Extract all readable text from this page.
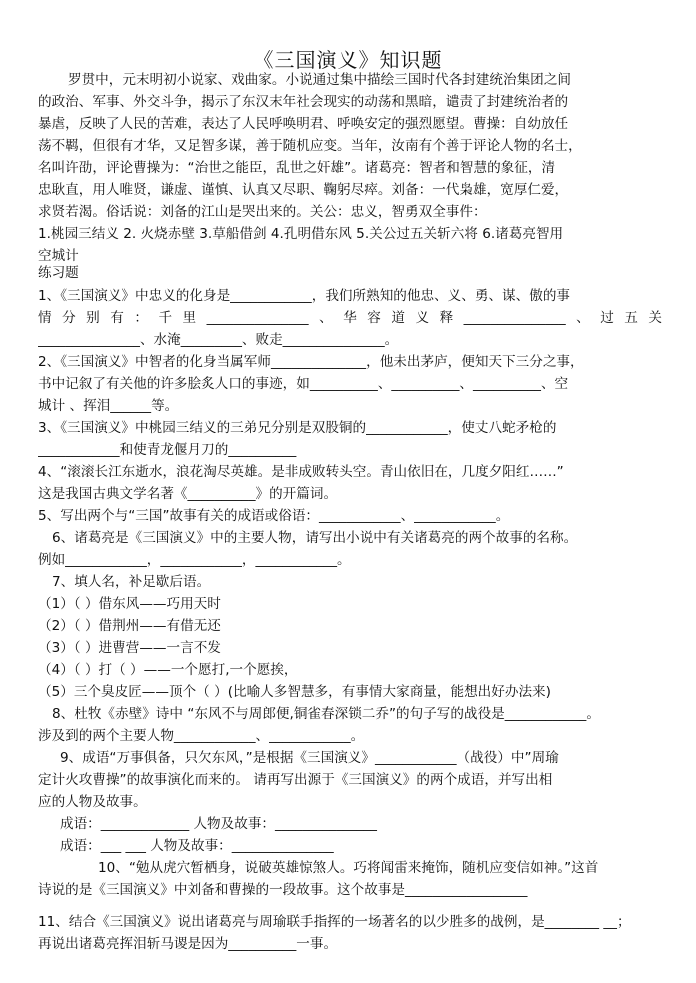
《三国演义》知识题
罗贯中，元末明初小说家、戏曲家。小说通过集中描绘三国时代各封建统治集团之间
的政治、军事、外交斗争，揭示了东汉末年社会现实的动荡和黑暗，谴责了封建统治者的
暴虐，反映了人民的苦难，表达了人民呼唤明君、呼唤安定的强烈愿望。曹操：自幼放任
荡不羁，但很有才华，又足智多谋，善于随机应变。当年，汝南有个善于评论人物的名士，
名叫许劭，评论曹操为：“治世之能臣，乱世之奸雄”。诸葛亮：智者和智慧的象征，清
忠耿直，用人唯贤，谦虚、谨慎、认真又尽职、鞠躬尽瘁。刘备：一代枭雄，宽厚仁爱，
求贤若渴。俗话说：刘备的江山是哭出来的。关公：忠义，智勇双全事件：
1.桃园三结义 2. 火烧赤壁 3.草船借剑 4.孔明借东风 5.关公过五关斩六将 6.诸葛亮智用
空城计
练习题
1、《三国演义》中忠义的化身是____________，我们所熟知的他忠、义、勇、谋、傲的事
情分别有：千里_______________、华容道义释_______________、过五关
_______________、水淹_________、败走_______________。
2、《三国演义》中智者的化身当属军师______________，他未出茅庐，便知天下三分之事，
书中记叙了有关他的许多脍炙人口的事迹，如__________、__________、__________、空
城计 、挥泪______等。
3、《三国演义》中桃园三结义的三弟兄分别是双股铜的____________，使丈八蛇矛枪的
____________和使青龙偃月刀的__________
4、“滚滚长江东逝水，浪花淘尽英雄。是非成败转头空。青山依旧在，几度夕阳红……”
这是我国古典文学名著《__________》的开篇词。
5、写出两个与“三国”故事有关的成语或俗语：____________、____________。
6、诸葛亮是《三国演义》中的主要人物，请写出小说中有关诸葛亮的两个故事的名称。
例如____________，____________，____________。
7、填人名，补足歇后语。
（1）（ ）借东风——巧用天时
（2）（ ）借荆州——有借无还
（3）（ ）进曹营——一言不发
（4）（ ）打（ ）——一个愿打,一个愿挨，
（5）三个臭皮匠——顶个（ ）(比喻人多智慧多，有事情大家商量，能想出好办法来)
8、杜牧《赤壁》诗中 “东风不与周郎便,铜雀春深锁二乔”的句子写的战役是____________。
涉及到的两个主要人物____________、____________。
9、成语“万事俱备，只欠东风，”是根据《三国演义》____________（战役）中”周瑜
定计火攻曹操”的故事演化而来的。 请再写出源于《三国演义》的两个成语，并写出相
应的人物及故事。
成语：_____________ 人物及故事：_______________
成语：___ ___ 人物及故事：_______________
10、“勉从虎穴暂栖身，说破英雄惊煞人。巧将闻雷来掩饰，随机应变信如神。”这首
诗说的是《三国演义》中刘备和曹操的一段故事。这个故事是__________________
11、结合《三国演义》说出诸葛亮与周瑜联手指挥的一场著名的以少胜多的战例，是________ __；
再说出诸葛亮挥泪斩马谡是因为__________一事。
